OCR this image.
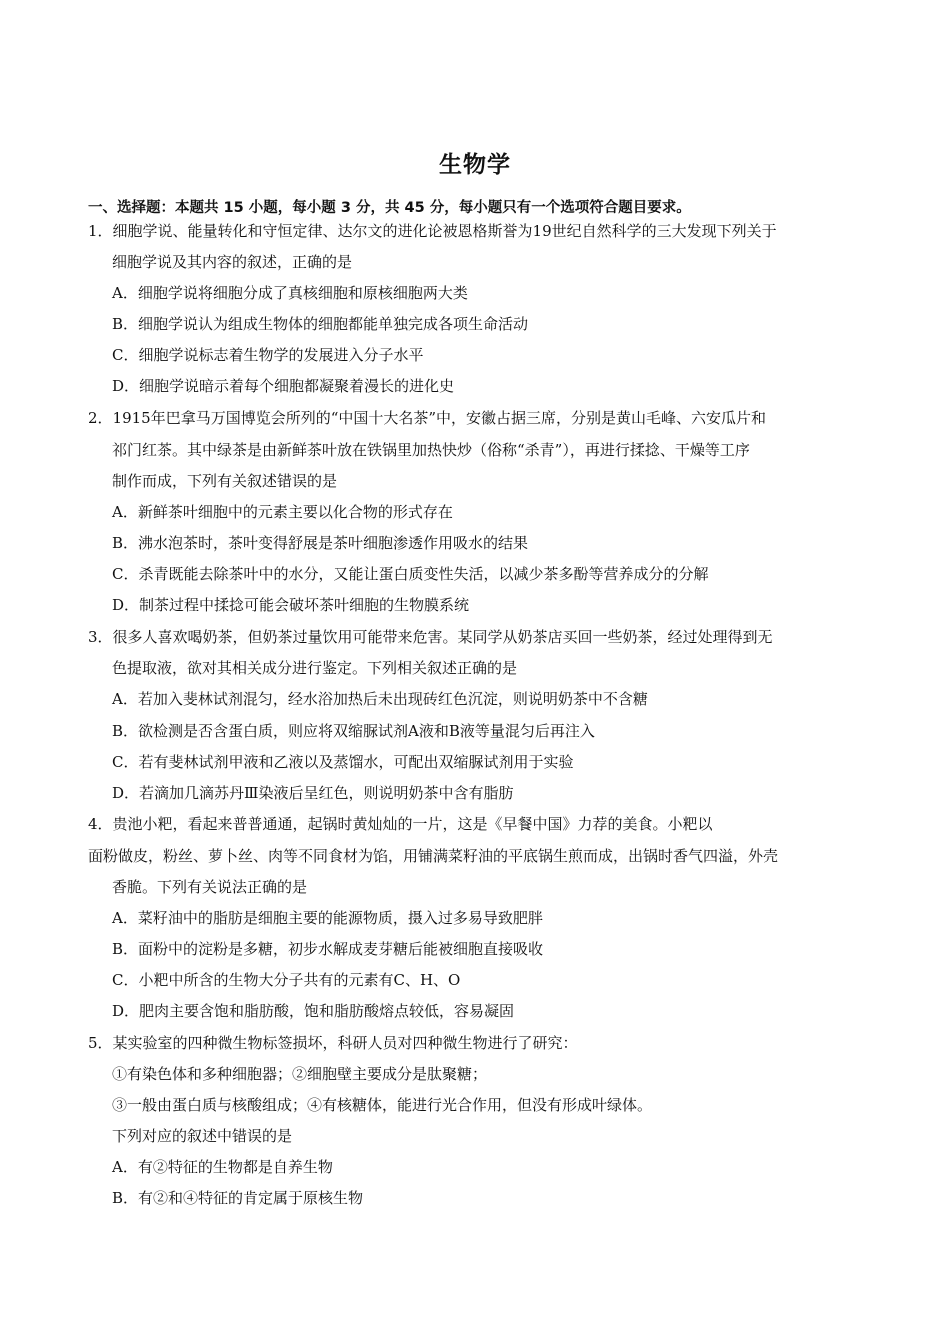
生物学
一、选择题：本题共 15 小题，每小题 3 分，共 45 分，每小题只有一个选项符合题目要求。
1．细胞学说、能量转化和守恒定律、达尔文的进化论被恩格斯誉为19世纪自然科学的三大发现下列关于
细胞学说及其内容的叙述，正确的是
A．细胞学说将细胞分成了真核细胞和原核细胞两大类
B．细胞学说认为组成生物体的细胞都能单独完成各项生命活动
C．细胞学说标志着生物学的发展进入分子水平
D．细胞学说暗示着每个细胞都凝聚着漫长的进化史
2．1915年巴拿马万国博览会所列的“中国十大名茶”中，安徽占据三席，分别是黄山毛峰、六安瓜片和
祁门红茶。其中绿茶是由新鲜茶叶放在铁锅里加热快炒（俗称“杀青”），再进行揉捻、干燥等工序
制作而成，下列有关叙述错误的是
A．新鲜茶叶细胞中的元素主要以化合物的形式存在
B．沸水泡茶时，茶叶变得舒展是茶叶细胞渗透作用吸水的结果
C．杀青既能去除茶叶中的水分，又能让蛋白质变性失活，以减少茶多酚等营养成分的分解
D．制茶过程中揉捻可能会破坏茶叶细胞的生物膜系统
3．很多人喜欢喝奶茶，但奶茶过量饮用可能带来危害。某同学从奶茶店买回一些奶茶，经过处理得到无
色提取液，欲对其相关成分进行鉴定。下列相关叙述正确的是
A．若加入斐林试剂混匀，经水浴加热后未出现砖红色沉淀，则说明奶茶中不含糖
B．欲检测是否含蛋白质，则应将双缩脲试剂A液和B液等量混匀后再注入
C．若有斐林试剂甲液和乙液以及蒸馏水，可配出双缩脲试剂用于实验
D．若滴加几滴苏丹Ⅲ染液后呈红色，则说明奶茶中含有脂肪
4．贵池小粑，看起来普普通通，起锅时黄灿灿的一片，这是《早餐中国》力荐的美食。小粑以
面粉做皮，粉丝、萝卜丝、肉等不同食材为馅，用铺满菜籽油的平底锅生煎而成，出锅时香气四溢，外壳
香脆。下列有关说法正确的是
A．菜籽油中的脂肪是细胞主要的能源物质，摄入过多易导致肥胖
B．面粉中的淀粉是多糖，初步水解成麦芽糖后能被细胞直接吸收
C．小粑中所含的生物大分子共有的元素有C、H、O
D．肥肉主要含饱和脂肪酸，饱和脂肪酸熔点较低，容易凝固
5．某实验室的四种微生物标签损坏，科研人员对四种微生物进行了研究：
①有染色体和多种细胞器；②细胞壁主要成分是肽聚糖；
③一般由蛋白质与核酸组成；④有核糖体，能进行光合作用，但没有形成叶绿体。
下列对应的叙述中错误的是
A．有②特征的生物都是自养生物
B．有②和④特征的肯定属于原核生物
